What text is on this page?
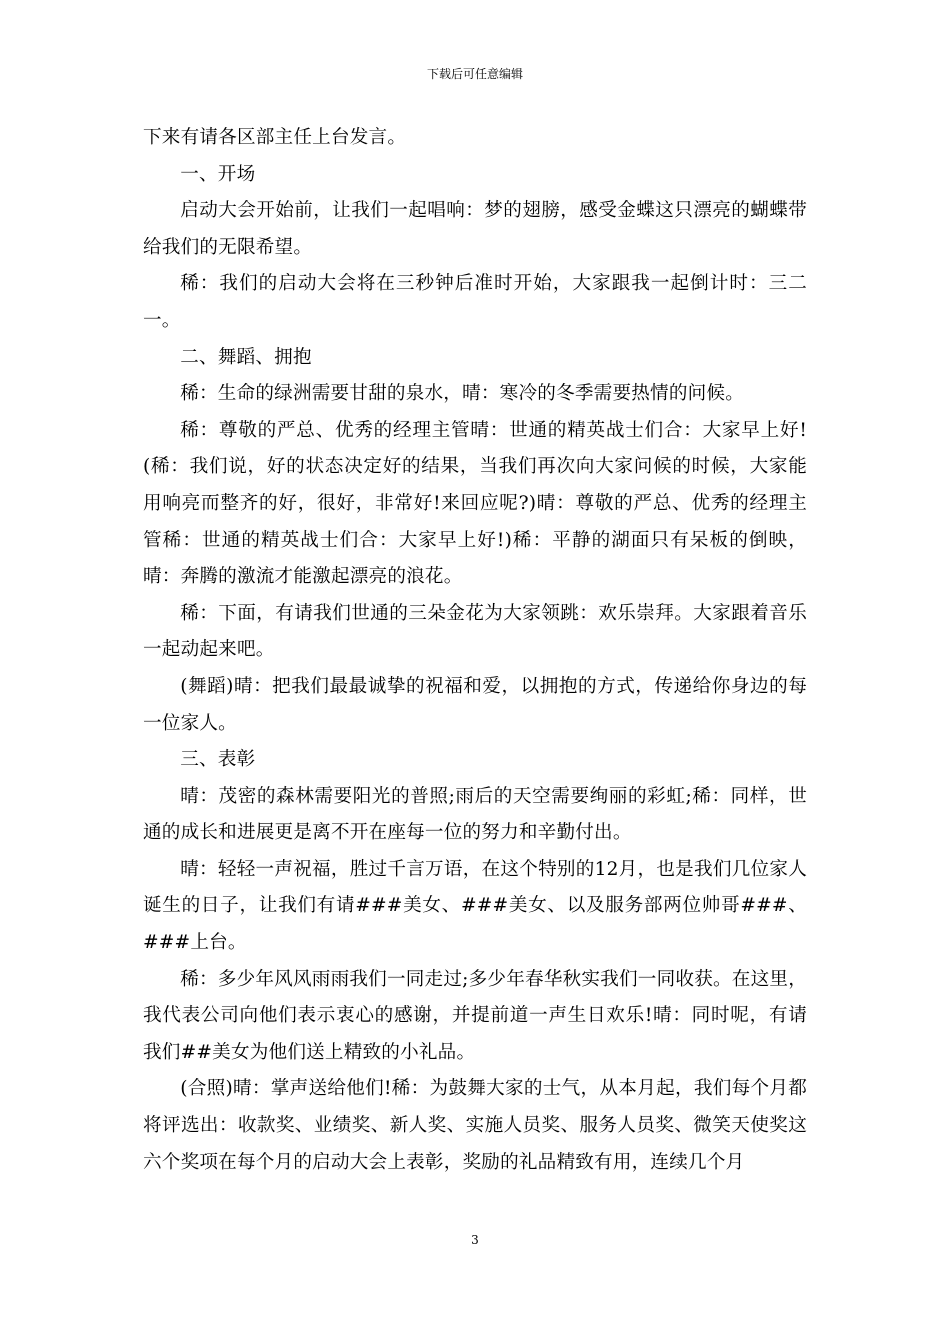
下载后可任意编辑

下来有请各区部主任上台发言。

一、开场

启动大会开始前，让我们一起唱响：梦的翅膀，感受金蝶这只漂亮的蝴蝶带给我们的无限希望。

稀：我们的启动大会将在三秒钟后准时开始，大家跟我一起倒计时：三二一。

二、舞蹈、拥抱

稀：生命的绿洲需要甘甜的泉水，晴：寒冷的冬季需要热情的问候。

稀：尊敬的严总、优秀的经理主管晴：世通的精英战士们合：大家早上好!(稀：我们说，好的状态决定好的结果，当我们再次向大家问候的时候，大家能用响亮而整齐的好，很好，非常好!来回应呢?)晴：尊敬的严总、优秀的经理主管稀：世通的精英战士们合：大家早上好!)稀：平静的湖面只有呆板的倒映，晴：奔腾的激流才能激起漂亮的浪花。

稀：下面，有请我们世通的三朵金花为大家领跳：欢乐崇拜。大家跟着音乐一起动起来吧。

(舞蹈)晴：把我们最最诚挚的祝福和爱，以拥抱的方式，传递给你身边的每一位家人。

三、表彰

晴：茂密的森林需要阳光的普照;雨后的天空需要绚丽的彩虹;稀：同样，世通的成长和进展更是离不开在座每一位的努力和辛勤付出。

晴：轻轻一声祝福，胜过千言万语，在这个特别的12月，也是我们几位家人诞生的日子，让我们有请###美女、###美女、以及服务部两位帅哥###、###上台。

稀：多少年风风雨雨我们一同走过;多少年春华秋实我们一同收获。在这里，我代表公司向他们表示衷心的感谢，并提前道一声生日欢乐!晴：同时呢，有请我们##美女为他们送上精致的小礼品。

(合照)晴：掌声送给他们!稀：为鼓舞大家的士气，从本月起，我们每个月都将评选出：收款奖、业绩奖、新人奖、实施人员奖、服务人员奖、微笑天使奖这六个奖项在每个月的启动大会上表彰，奖励的礼品精致有用，连续几个月

3
